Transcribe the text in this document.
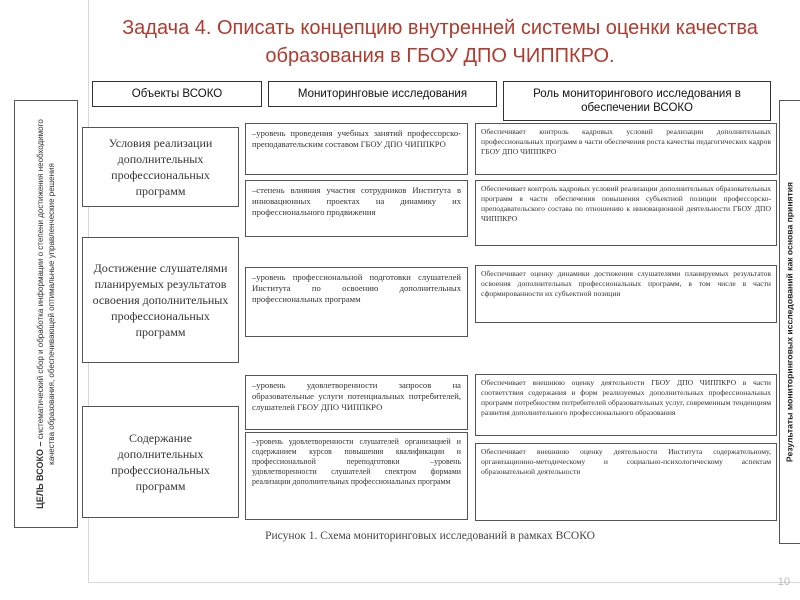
Задача 4. Описать концепцию внутренней системы оценки качества образования в ГБОУ ДПО ЧИППКРО.
ЦЕЛЬ ВСОКО – систематический сбор и обработка информации о степени достижения необходимого качества образования, обеспечивающей оптимальные управленческие решения
Объекты ВСОКО	Мониторинговые исследования	Роль мониторингового исследования в обеспечении ВСОКО
Условия реализации дополнительных профессиональных программ
Достижение слушателями планируемых результатов освоения дополнительных профессиональных программ
Содержание дополнительных профессиональных программ
–уровень проведения учебных занятий профессорско-преподавательским составом ГБОУ ДПО ЧИППКРО
–степень влияния участия сотрудников Института в инновационных проектах на динамику их профессионального продвижения
–уровень профессиональной подготовки слушателей Института по освоению дополнительных профессиональных программ
–уровень удовлетворенности запросов на образовательные услуги потенциальных потребителей, слушателей ГБОУ ДПО ЧИППКРО
–уровень удовлетворенности слушателей организацией и содержанием курсов повышения квалификации и профессиональной переподготовки –уровень удовлетворенности слушателей спектром формами реализации дополнительных профессиональных программ
Обеспечивает контроль кадровых условий реализации дополнительных профессиональных программ в части обеспечения роста качества педагогических кадров ГБОУ ДПО ЧИППКРО
Обеспечивает контроль кадровых условий реализации дополнительных образовательных программ в части обеспечения повышения субъектной позиции профессорско-преподавательского состава по отношению к инновационной деятельности ГБОУ ДПО ЧИППКРО
Обеспечивает оценку динамики достижения слушателями планируемых результатов освоения дополнительных профессиональных программ, в том числе в части сформированности их субъектной позиции
Обеспечивает внешнюю оценку деятельности ГБОУ ДПО ЧИППКРО в части соответствия содержания и форм реализуемых дополнительных профессиональных программ потребностям потребителей образовательных услуг, современным тенденциям развития дополнительного профессионального образования
Обеспечивает внешнюю оценку деятельности Института содержательному, организационно-методическому и социально-психологическому аспектам образовательной деятельности
Результаты мониторинговых исследований как основа принятия
Рисунок 1. Схема мониторинговых исследований в рамках ВСОКО
10
